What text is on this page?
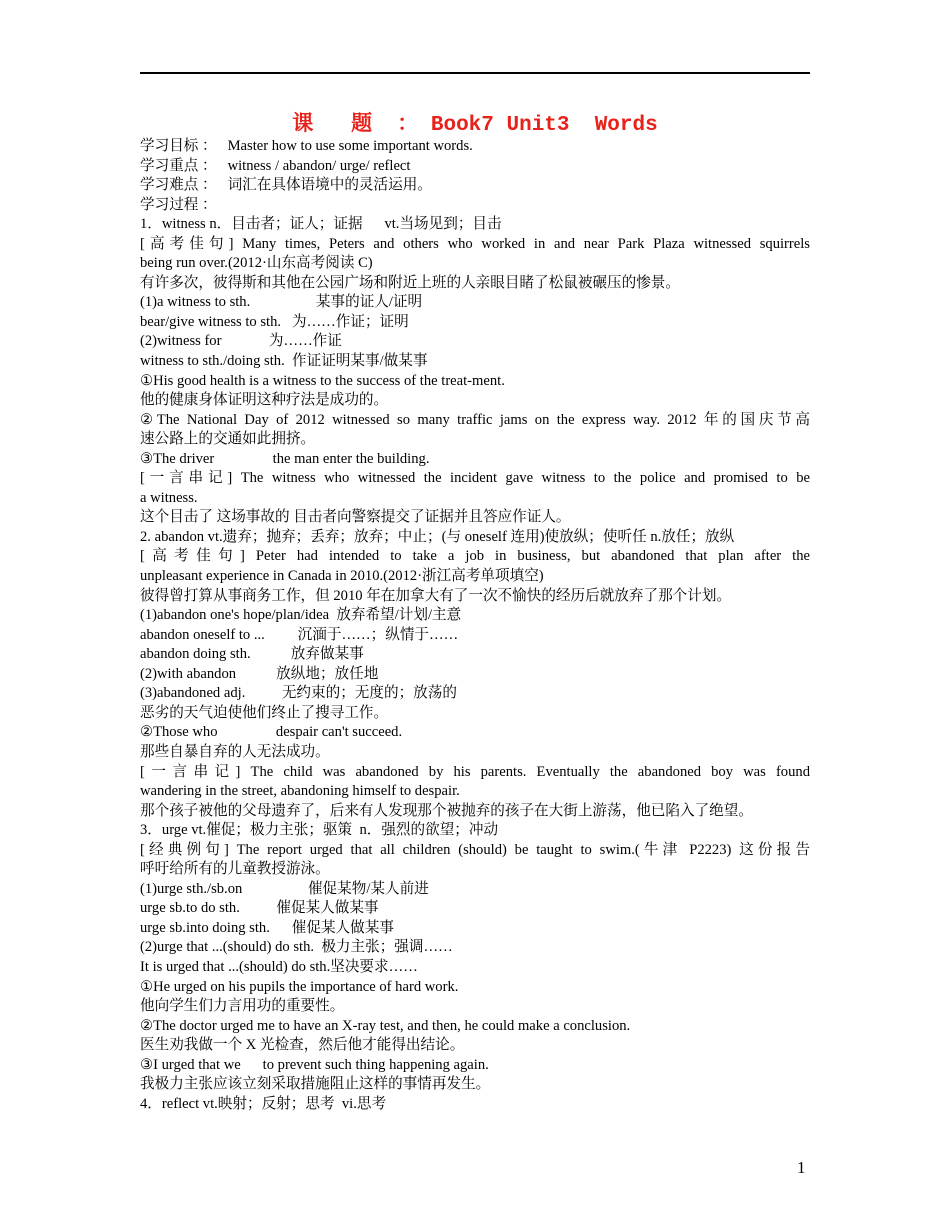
课   题  ： Book7 Unit3  Words
学习目标 ：   Master how to use some important words.
学习重点 ：   witness / abandon/ urge/ reflect
学习难点 ：   词汇在具体语境中的灵活运用。
学习过程 ：
1．witness n．目击者；证人；证据      vt.当场见到；目击
[高考佳句] Many times, Peters and others who worked in and near Park Plaza witnessed squirrels
being run over.(2012·山东高考阅读 C)
有许多次，彼得斯和其他在公园广场和附近上班的人亲眼目睹了松鼠被碾压的惨景。
(1)a witness to sth.                  某事的证人/证明
bear/give witness to sth.   为……作证；证明
(2)witness for             为……作证
witness to sth./doing sth.  作证证明某事/做某事
①His good health is a witness to the success of the treat-ment.
他的健康身体证明这种疗法是成功的。
②The National Day of 2012 witnessed so many traffic jams on the express way. 2012 年的国庆节高
速公路上的交通如此拥挤。
③The driver                the man enter the building.
[一言串记] The witness who witnessed the incident gave witness to the police and promised to be
a witness.
这个目击了 这场事故的 目击者向警察提交了证据并且答应作证人。
2. abandon vt.遗弃；抛弃；丢弃；放弃；中止；(与 oneself 连用)使放纵；使听任 n.放任；放纵
[高考佳句] Peter had intended to take a job in business, but abandoned that plan after the
unpleasant experience in Canada in 2010.(2012·浙江高考单项填空)
彼得曾打算从事商务工作，但 2010 年在加拿大有了一次不愉快的经历后就放弃了那个计划。
(1)abandon one's hope/plan/idea  放弃希望/计划/主意
abandon oneself to ...         沉湎于……；纵情于……
abandon doing sth.           放弃做某事
(2)with abandon           放纵地；放任地
(3)abandoned adj.          无约束的；无度的；放荡的
恶劣的天气迫使他们终止了搜寻工作。
②Those who                despair can't succeed.
那些自暴自弃的人无法成功。
[一言串记] The child was abandoned by his parents. Eventually the abandoned boy was found
wandering in the street, abandoning himself to despair.
那个孩子被他的父母遗弃了，后来有人发现那个被抛弃的孩子在大街上游荡，他已陷入了绝望。
3．urge vt.催促；极力主张；驱策  n．强烈的欲望；冲动
[经典例句] The report urged that all children (should) be taught to swim.(牛津 P2223) 这份报告
呼吁给所有的儿童教授游泳。
(1)urge sth./sb.on                  催促某物/某人前进
urge sb.to do sth.          催促某人做某事
urge sb.into doing sth.      催促某人做某事
(2)urge that ...(should) do sth.  极力主张；强调……
It is urged that ...(should) do sth.坚决要求……
①He urged on his pupils the importance of hard work.
他向学生们力言用功的重要性。
②The doctor urged me to have an X-ray test, and then, he could make a conclusion.
医生劝我做一个 X 光检查，然后他才能得出结论。
③I urged that we      to prevent such thing happening again.
我极力主张应该立刻采取措施阻止这样的事情再发生。
4．reflect vt.映射；反射；思考  vi.思考
1
